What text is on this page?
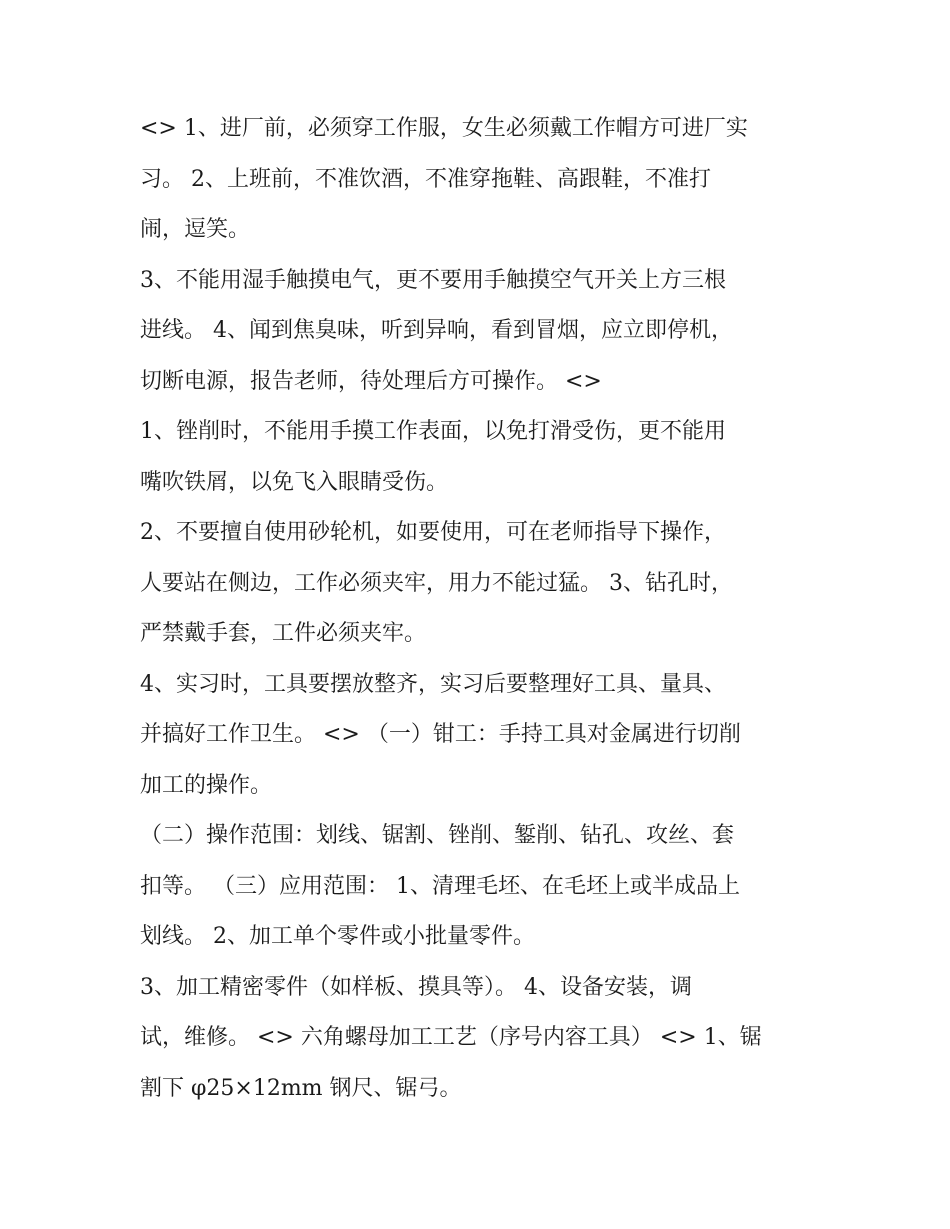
<> 1、进厂前，必须穿工作服，女生必须戴工作帽方可进厂实
习。 2、上班前，不准饮酒，不准穿拖鞋、高跟鞋，不准打
闹，逗笑。
3、不能用湿手触摸电气，更不要用手触摸空气开关上方三根
进线。 4、闻到焦臭味，听到异响，看到冒烟，应立即停机，
切断电源，报告老师，待处理后方可操作。 <>
1、锉削时，不能用手摸工作表面，以免打滑受伤，更不能用
嘴吹铁屑，以免飞入眼睛受伤。
2、不要擅自使用砂轮机，如要使用，可在老师指导下操作，
人要站在侧边，工作必须夹牢，用力不能过猛。 3、钻孔时，
严禁戴手套，工件必须夹牢。
4、实习时，工具要摆放整齐，实习后要整理好工具、量具、
并搞好工作卫生。 <> （一）钳工：手持工具对金属进行切削
加工的操作。
（二）操作范围：划线、锯割、锉削、錾削、钻孔、攻丝、套
扣等。 （三）应用范围： 1、清理毛坯、在毛坯上或半成品上
划线。 2、加工单个零件或小批量零件。
3、加工精密零件（如样板、摸具等）。 4、设备安装，调
试，维修。 <> 六角螺母加工工艺（序号内容工具） <> 1、锯
割下 φ25×12mm 钢尺、锯弓。
